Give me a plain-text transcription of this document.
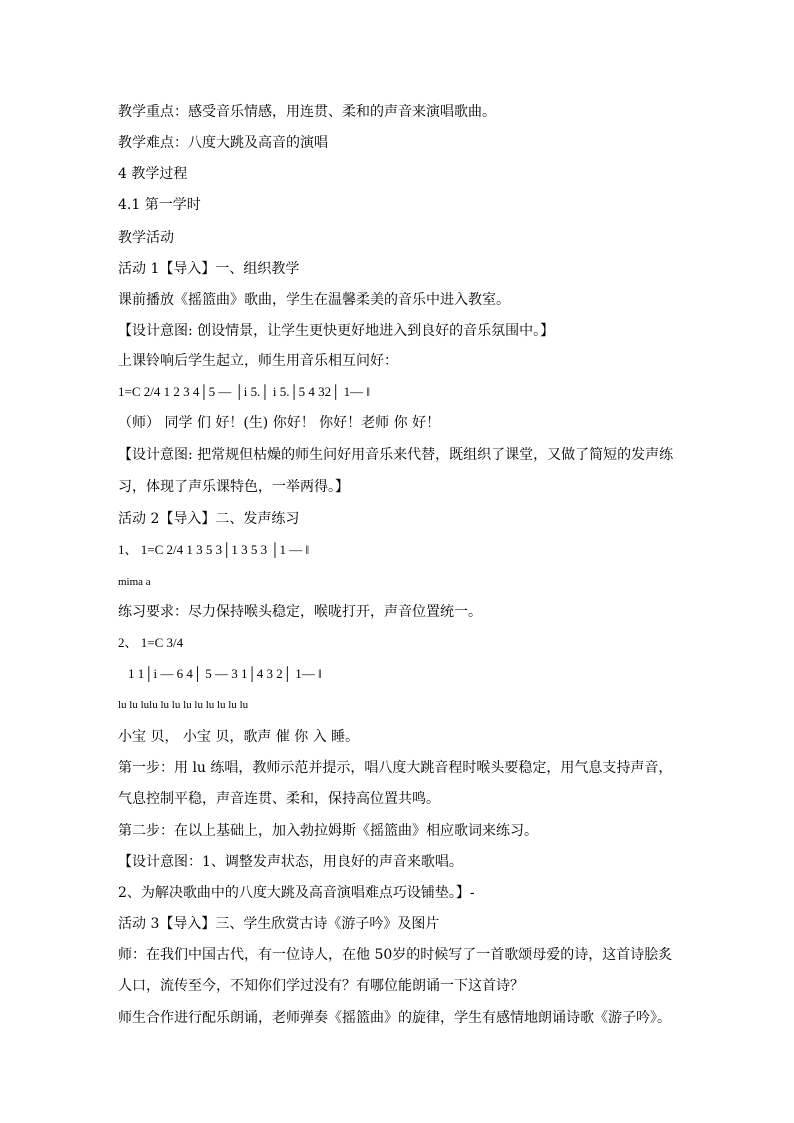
教学重点：感受音乐情感，用连贯、柔和的声音来演唱歌曲。
教学难点：八度大跳及高音的演唱
4 教学过程
4.1 第一学时
教学活动
活动 1【导入】一、组织教学
课前播放《摇篮曲》歌曲，学生在温馨柔美的音乐中进入教室。
【设计意图: 创设情景，让学生更快更好地进入到良好的音乐氛围中。】
上课铃响后学生起立，师生用音乐相互问好：
1=C 2/4 1 2 3 4│5 — │i 5.│ i 5.│5 4 32│ 1— ‖
（师） 同学 们 好！(生) 你好！ 你好！老师 你 好！
【设计意图: 把常规但枯燥的师生问好用音乐来代替，既组织了课堂，又做了简短的发声练
习，体现了声乐课特色，一举两得。】
活动 2【导入】二、发声练习
1、 1=C 2/4 1 3 5 3│1 3 5 3 │1 — ‖
mima a
练习要求：尽力保持喉头稳定，喉咙打开，声音位置统一。
2、 1=C 3/4
1 1│i — 6 4│ 5 — 3 1│4 3 2│ 1— ‖
lu lu lulu lu lu lu lu lu lu lu lu
小宝 贝， 小宝 贝，歌声 催 你 入 睡。
第一步：用 lu 练唱，教师示范并提示，唱八度大跳音程时喉头要稳定，用气息支持声音，
气息控制平稳，声音连贯、柔和，保持高位置共鸣。
第二步：在以上基础上，加入勃拉姆斯《摇篮曲》相应歌词来练习。
【设计意图：1、调整发声状态，用良好的声音来歌唱。
2、为解决歌曲中的八度大跳及高音演唱难点巧设铺垫。】-
活动 3【导入】三、学生欣赏古诗《游子吟》及图片
师：在我们中国古代，有一位诗人，在他 50岁的时候写了一首歌颂母爱的诗，这首诗脍炙
人口，流传至今，不知你们学过没有？有哪位能朗诵一下这首诗？
师生合作进行配乐朗诵，老师弹奏《摇篮曲》的旋律，学生有感情地朗诵诗歌《游子吟》。
